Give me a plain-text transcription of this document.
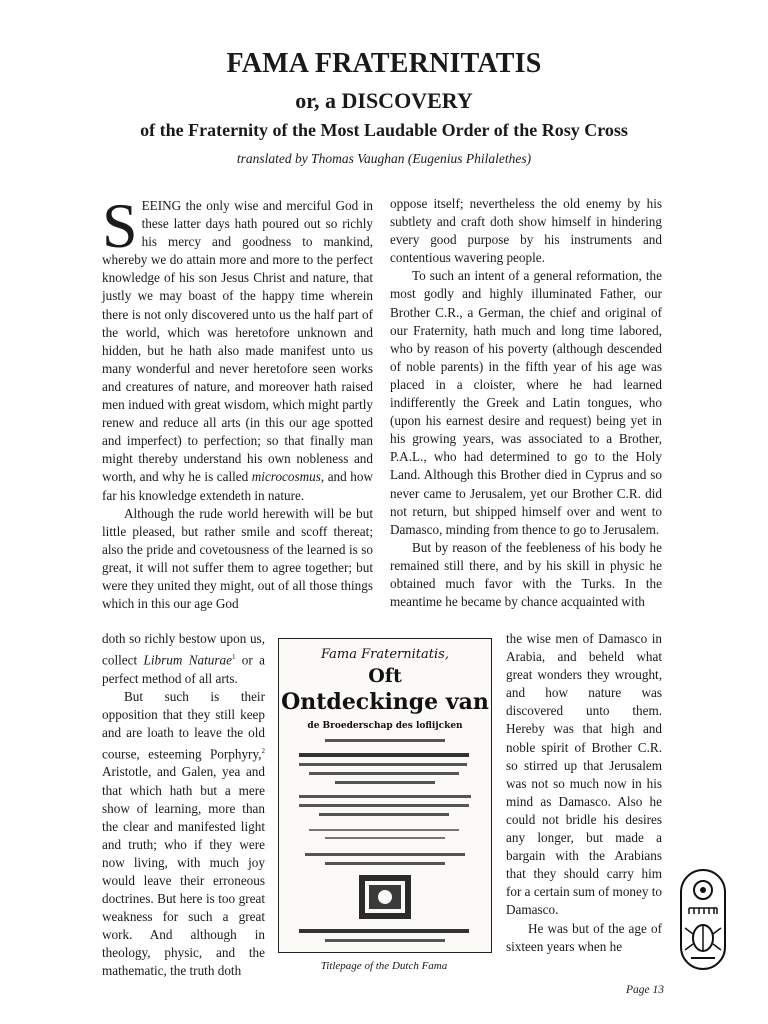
FAMA FRATERNITATIS
or, a DISCOVERY
of the Fraternity of the Most Laudable Order of the Rosy Cross
translated by Thomas Vaughan (Eugenius Philalethes)

SEEING the only wise and merciful God in these latter days hath poured out so richly his mercy and goodness to mankind, whereby we do attain more and more to the perfect knowledge of his son Jesus Christ and nature, that justly we may boast of the happy time wherein there is not only discovered unto us the half part of the world, which was heretofore unknown and hidden, but he hath also made manifest unto us many wonderful and never heretofore seen works and creatures of nature, and moreover hath raised men indued with great wisdom, which might partly renew and reduce all arts (in this our age spotted and imperfect) to perfection; so that finally man might thereby understand his own nobleness and worth, and why he is called microcosmus, and how far his knowledge extendeth in nature.

Although the rude world herewith will be but little pleased, but rather smile and scoff thereat; also the pride and covetousness of the learned is so great, it will not suffer them to agree together; but were they united they might, out of all those things which in this our age God

doth so richly bestow upon us, collect Librum Naturae$^1$ or a perfect method of all arts.

But such is their opposition that they still keep and are loath to leave the old course, esteeming Porphyry,$^2$ Aristotle, and Galen, yea and that which hath but a mere show of learning, more than the clear and manifested light and truth; who if they were now living, with much joy would leave their erroneous doctrines. But here is too great weakness for such a great work. And although in theology, physic, and the mathematic, the truth doth

oppose itself; nevertheless the old enemy by his subtlety and craft doth show himself in hindering every good purpose by his instruments and contentious wavering people.

To such an intent of a general reformation, the most godly and highly illuminated Father, our Brother C.R., a German, the chief and original of our Fraternity, hath much and long time labored, who by reason of his poverty (although descended of noble parents) in the fifth year of his age was placed in a cloister, where he had learned indifferently the Greek and Latin tongues, who (upon his earnest desire and request) being yet in his growing years, was associated to a Brother, P.A.L., who had determined to go to the Holy Land. Although this Brother died in Cyprus and so never came to Jerusalem, yet our Brother C.R. did not return, but shipped himself over and went to Damasco, minding from thence to go to Jerusalem.

But by reason of the feebleness of his body he remained still there, and by his skill in physic he obtained much favor with the Turks. In the meantime he became by chance acquainted with

the wise men of Damasco in Arabia, and beheld what great wonders they wrought, and how nature was discovered unto them. Hereby was that high and noble spirit of Brother C.R. so stirred up that Jerusalem was not so much now in his mind as Damasco. Also he could not bridle his desires any longer, but made a bargain with the Arabians that they should carry him for a certain sum of money to Damasco.

He was but of the age of sixteen years when he

Fama Fraternitatis,
Oft
Ontdeckinge van
de Broederschap des loflijcken
Titlepage of the Dutch Fama
Page 13
